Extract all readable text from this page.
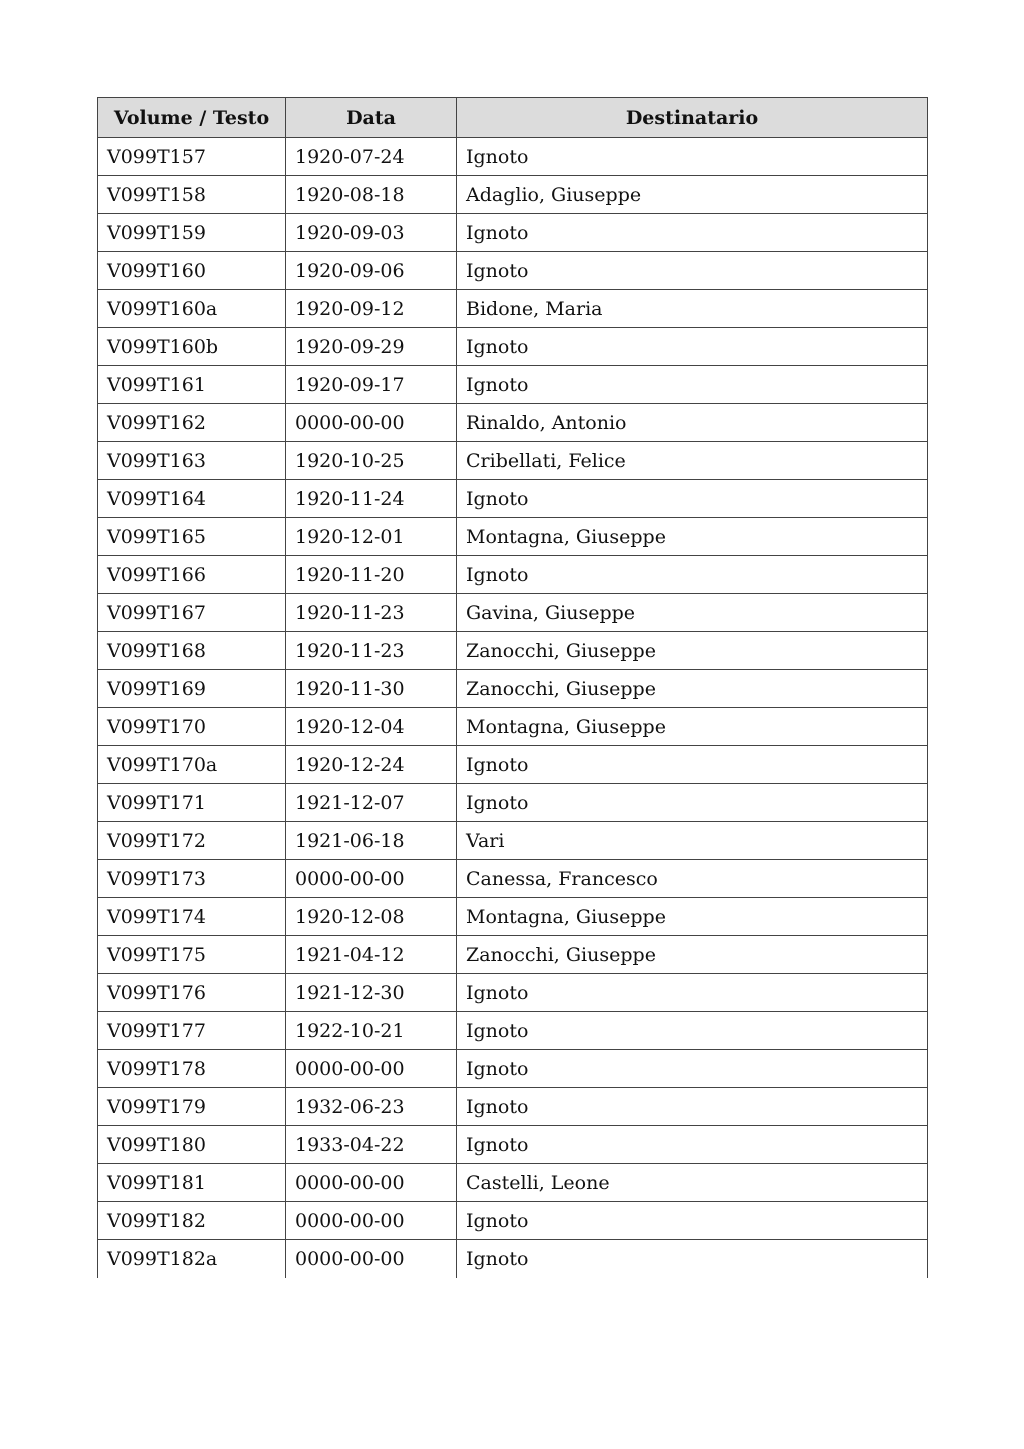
Volume / Testo	Data	Destinatario
V099T157	1920-07-24	Ignoto
V099T158	1920-08-18	Adaglio, Giuseppe
V099T159	1920-09-03	Ignoto
V099T160	1920-09-06	Ignoto
V099T160a	1920-09-12	Bidone, Maria
V099T160b	1920-09-29	Ignoto
V099T161	1920-09-17	Ignoto
V099T162	0000-00-00	Rinaldo, Antonio
V099T163	1920-10-25	Cribellati, Felice
V099T164	1920-11-24	Ignoto
V099T165	1920-12-01	Montagna, Giuseppe
V099T166	1920-11-20	Ignoto
V099T167	1920-11-23	Gavina, Giuseppe
V099T168	1920-11-23	Zanocchi, Giuseppe
V099T169	1920-11-30	Zanocchi, Giuseppe
V099T170	1920-12-04	Montagna, Giuseppe
V099T170a	1920-12-24	Ignoto
V099T171	1921-12-07	Ignoto
V099T172	1921-06-18	Vari
V099T173	0000-00-00	Canessa, Francesco
V099T174	1920-12-08	Montagna, Giuseppe
V099T175	1921-04-12	Zanocchi, Giuseppe
V099T176	1921-12-30	Ignoto
V099T177	1922-10-21	Ignoto
V099T178	0000-00-00	Ignoto
V099T179	1932-06-23	Ignoto
V099T180	1933-04-22	Ignoto
V099T181	0000-00-00	Castelli, Leone
V099T182	0000-00-00	Ignoto
V099T182a	0000-00-00	Ignoto
